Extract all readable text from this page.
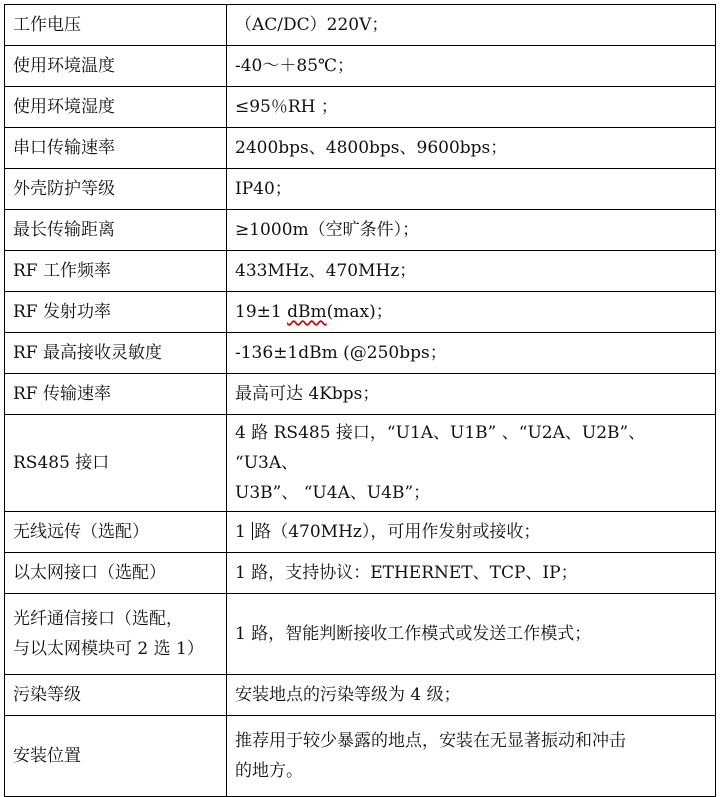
工作电压	（AC/DC）220V；
使用环境温度	-40～＋85℃；
使用环境湿度	≤95％RH ；
串口传输速率	2400bps、4800bps、9600bps；
外壳防护等级	IP40；
最长传输距离	≥1000m（空旷条件）；
RF 工作频率	433MHz、470MHz；
RF 发射功率	19±1 dBm(max)；
RF 最高接收灵敏度	-136±1dBm (@250bps；
RF 传输速率	最高可达 4Kbps；
RS485 接口	4 路 RS485 接口，“U1A、U1B” 、“U2A、U2B”、 “U3A、
U3B”、 “U4A、U4B”；

无线远传（选配）	1 路（470MHz），可用作发射或接收；
以太网接口（选配）	1 路，支持协议：ETHERNET、TCP、IP；

光纤通信接口（选配，
与以太网模块可 2 选 1）	1 路，智能判断接收工作模式或发送工作模式；
污染等级	安装地点的污染等级为 4 级；
安装位置	推荐用于较少暴露的地点，安装在无显著振动和冲击
的地方。
